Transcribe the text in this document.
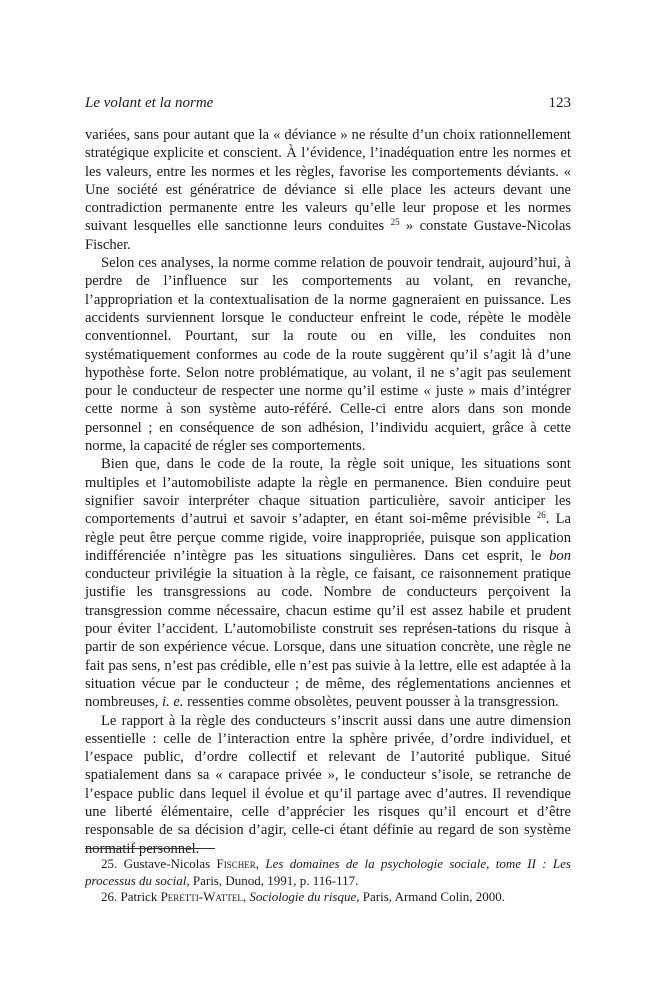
Le volant et la norme	123

variées, sans pour autant que la « déviance » ne résulte d’un choix rationnellement stratégique explicite et conscient. À l’évidence, l’inadéquation entre les normes et les valeurs, entre les normes et les règles, favorise les comportements déviants. « Une société est génératrice de déviance si elle place les acteurs devant une contradiction permanente entre les valeurs qu’elle leur propose et les normes suivant lesquelles elle sanctionne leurs conduites $^{25}$ » constate Gustave-Nicolas Fischer.

Selon ces analyses, la norme comme relation de pouvoir tendrait, aujourd’hui, à perdre de l’influence sur les comportements au volant, en revanche, l’appropriation et la contextualisation de la norme gagneraient en puissance. Les accidents surviennent lorsque le conducteur enfreint le code, répète le modèle conventionnel. Pourtant, sur la route ou en ville, les conduites non systématiquement conformes au code de la route suggèrent qu’il s’agit là d’une hypothèse forte. Selon notre problématique, au volant, il ne s’agit pas seulement pour le conducteur de respecter une norme qu’il estime « juste » mais d’intégrer cette norme à son système auto-référé. Celle-ci entre alors dans son monde personnel ; en conséquence de son adhésion, l’individu acquiert, grâce à cette norme, la capacité de régler ses comportements.

Bien que, dans le code de la route, la règle soit unique, les situations sont multiples et l’automobiliste adapte la règle en permanence. Bien conduire peut signifier savoir interpréter chaque situation particulière, savoir anticiper les comportements d’autrui et savoir s’adapter, en étant soi-même prévisible $^{26}$. La règle peut être perçue comme rigide, voire inappropriée, puisque son application indifférenciée n’intègre pas les situations singulières. Dans cet esprit, le bon conducteur privilégie la situation à la règle, ce faisant, ce raisonnement pratique justifie les transgressions au code. Nombre de conducteurs perçoivent la transgression comme nécessaire, chacun estime qu’il est assez habile et prudent pour éviter l’accident. L’automobiliste construit ses représen-tations du risque à partir de son expérience vécue. Lorsque, dans une situation concrète, une règle ne fait pas sens, n’est pas crédible, elle n’est pas suivie à la lettre, elle est adaptée à la situation vécue par le conducteur ; de même, des réglementations anciennes et nombreuses, i. e. ressenties comme obsolètes, peuvent pousser à la transgression.

Le rapport à la règle des conducteurs s’inscrit aussi dans une autre dimension essentielle : celle de l’interaction entre la sphère privée, d’ordre individuel, et l’espace public, d’ordre collectif et relevant de l’autorité publique. Situé spatialement dans sa « carapace privée », le conducteur s’isole, se retranche de l’espace public dans lequel il évolue et qu’il partage avec d’autres. Il revendique une liberté élémentaire, celle d’apprécier les risques qu’il encourt et d’être responsable de sa décision d’agir, celle-ci étant définie au regard de son système normatif personnel.

25. Gustave-Nicolas Fischer, Les domaines de la psychologie sociale, tome II : Les processus du social, Paris, Dunod, 1991, p. 116-117.

26. Patrick Peretti-Wattel, Sociologie du risque, Paris, Armand Colin, 2000.
